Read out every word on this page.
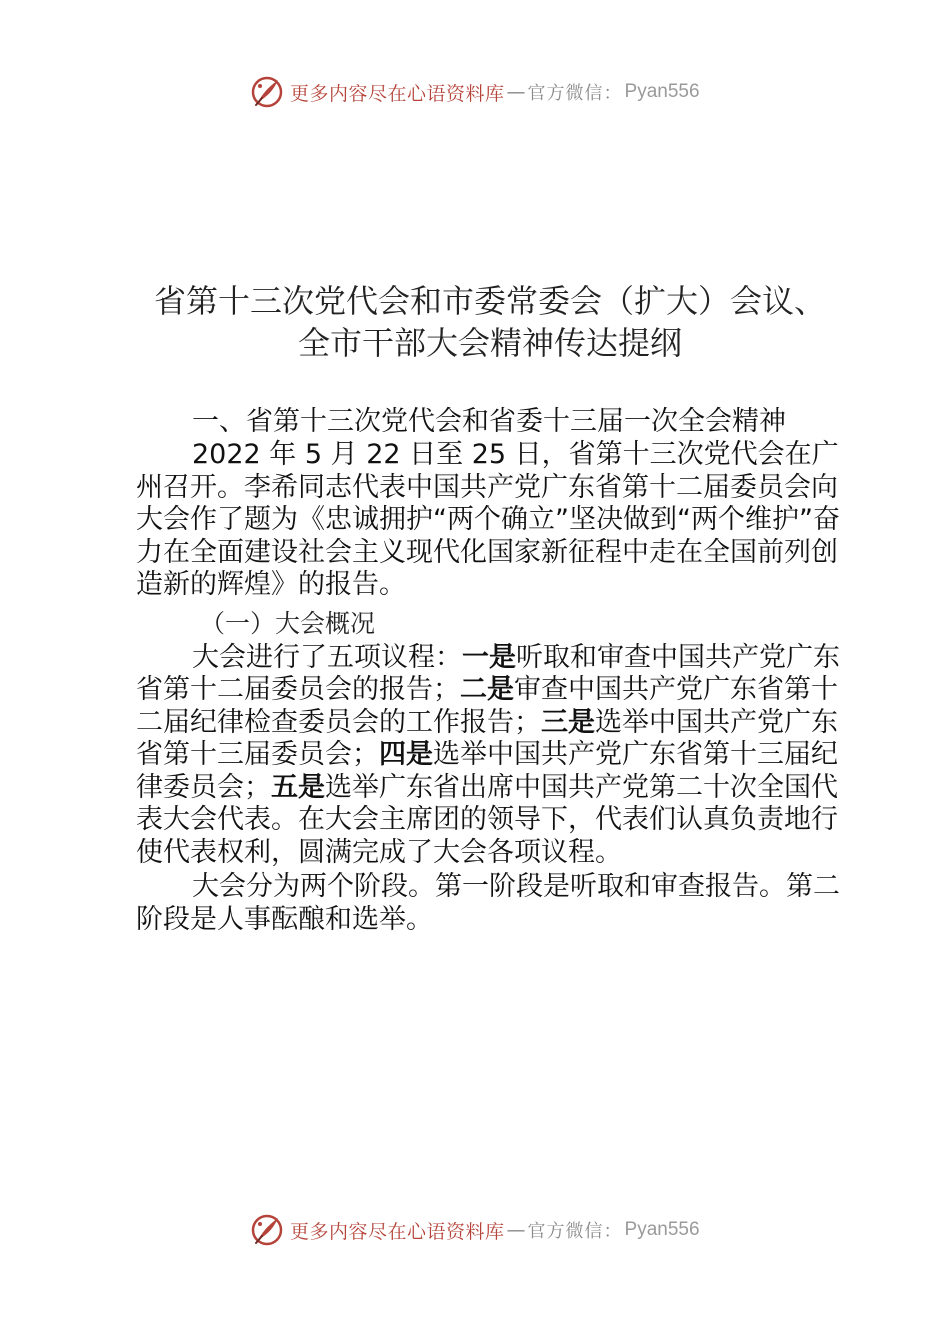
更多内容尽在心语资料库 — 官方微信： Pyan556
省第十三次党代会和市委常委会（扩大）会议、
全市干部大会精神传达提纲
一、省第十三次党代会和省委十三届一次全会精神

2022 年 5 月 22 日至 25 日，省第十三次党代会在广州召开。李希同志代表中国共产党广东省第十二届委员会向大会作了题为《忠诚拥护“两个确立”坚决做到“两个维护”奋力在全面建设社会主义现代化国家新征程中走在全国前列创造新的辉煌》的报告。

（一）大会概况

大会进行了五项议程：一是听取和审查中国共产党广东省第十二届委员会的报告；二是审查中国共产党广东省第十二届纪律检查委员会的工作报告；三是选举中国共产党广东省第十三届委员会；四是选举中国共产党广东省第十三届纪律委员会；五是选举广东省出席中国共产党第二十次全国代表大会代表。在大会主席团的领导下，代表们认真负责地行使代表权利，圆满完成了大会各项议程。

大会分为两个阶段。第一阶段是听取和审查报告。第二阶段是人事酝酿和选举。

更多内容尽在心语资料库 — 官方微信： Pyan556
